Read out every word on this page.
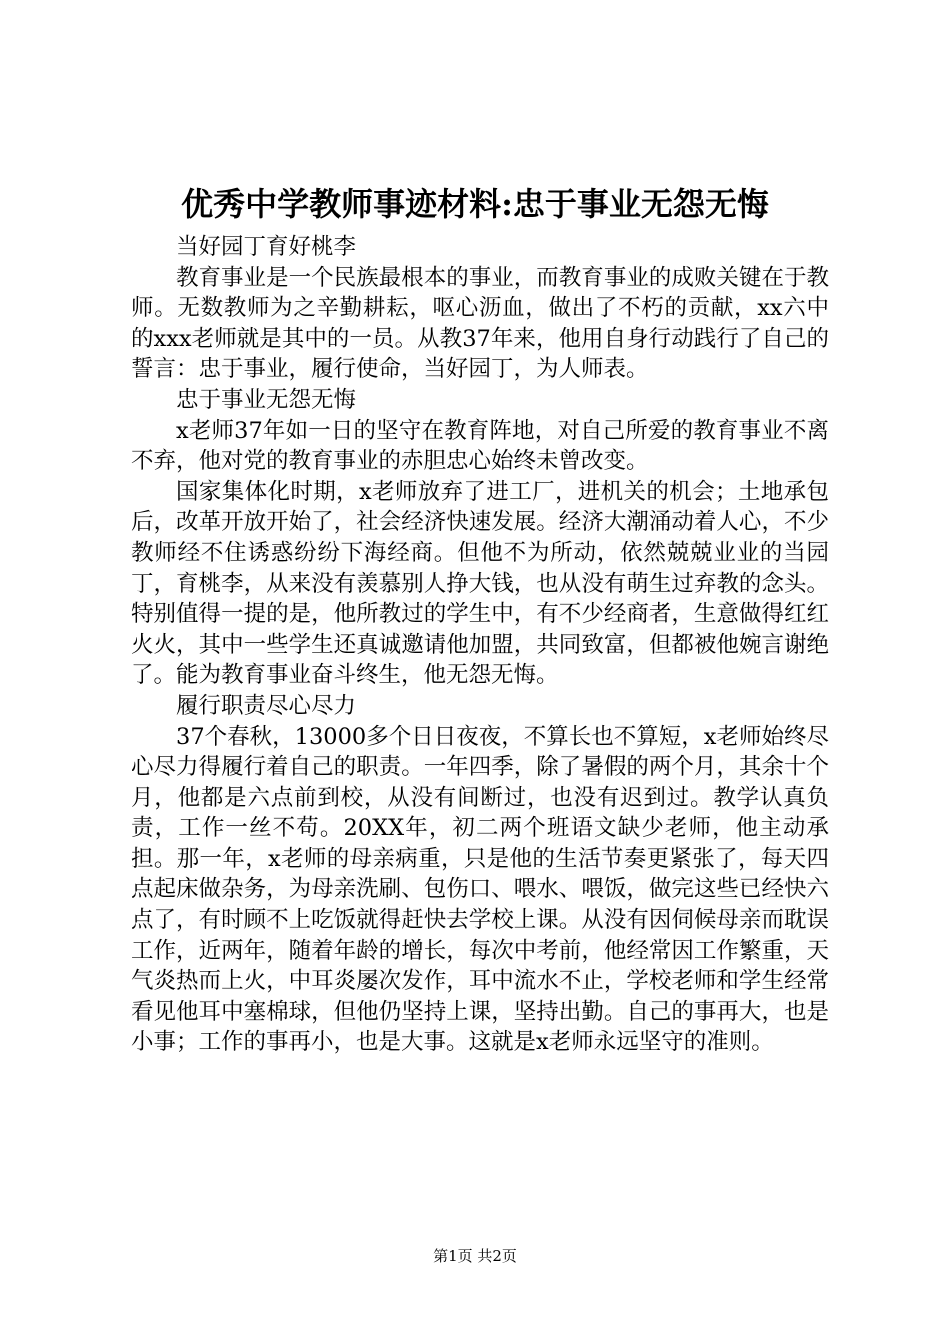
优秀中学教师事迹材料:忠于事业无怨无悔

当好园丁育好桃李

教育事业是一个民族最根本的事业，而教育事业的成败关键在于教师。无数教师为之辛勤耕耘，呕心沥血，做出了不朽的贡献，xx六中的xxx老师就是其中的一员。从教37年来，他用自身行动践行了自己的誓言：忠于事业，履行使命，当好园丁，为人师表。

忠于事业无怨无悔

x老师37年如一日的坚守在教育阵地，对自己所爱的教育事业不离不弃，他对党的教育事业的赤胆忠心始终未曾改变。

国家集体化时期，x老师放弃了进工厂，进机关的机会；土地承包后，改革开放开始了，社会经济快速发展。经济大潮涌动着人心，不少教师经不住诱惑纷纷下海经商。但他不为所动，依然兢兢业业的当园丁，育桃李，从来没有羡慕别人挣大钱，也从没有萌生过弃教的念头。特别值得一提的是，他所教过的学生中，有不少经商者，生意做得红红火火，其中一些学生还真诚邀请他加盟，共同致富，但都被他婉言谢绝了。能为教育事业奋斗终生，他无怨无悔。

履行职责尽心尽力

37个春秋，13000多个日日夜夜，不算长也不算短，x老师始终尽心尽力得履行着自己的职责。一年四季，除了暑假的两个月，其余十个月，他都是六点前到校，从没有间断过，也没有迟到过。教学认真负责，工作一丝不苟。20XX年，初二两个班语文缺少老师，他主动承担。那一年，x老师的母亲病重，只是他的生活节奏更紧张了，每天四点起床做杂务，为母亲洗刷、包伤口、喂水、喂饭，做完这些已经快六点了，有时顾不上吃饭就得赶快去学校上课。从没有因伺候母亲而耽误工作，近两年，随着年龄的增长，每次中考前，他经常因工作繁重，天气炎热而上火，中耳炎屡次发作，耳中流水不止，学校老师和学生经常看见他耳中塞棉球，但他仍坚持上课，坚持出勤。自己的事再大，也是小事；工作的事再小，也是大事。这就是x老师永远坚守的准则。

第1页 共2页
